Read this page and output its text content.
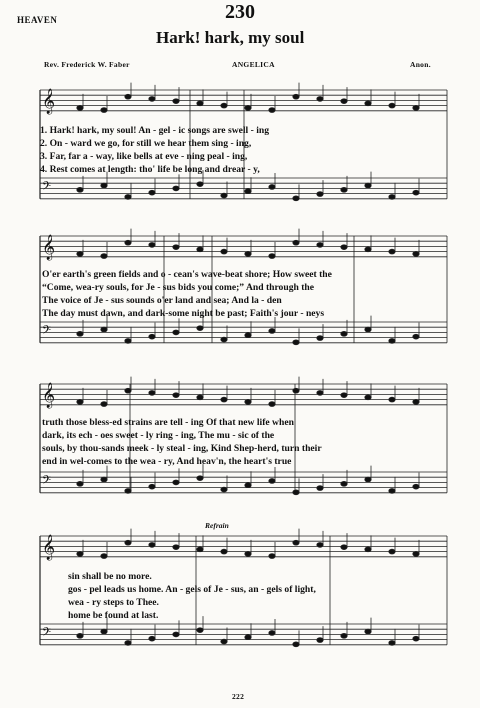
HEAVEN	230
Hark! hark, my soul
Rev. Frederick W. Faber	ANGELICA	Anon.
𝄞
𝄢
𝄞
𝄢
𝄞
𝄢
𝄞
𝄢
1. Hark! hark, my soul! An - gel - ic songs are swell - ing
2. On - ward we go, for still we hear them sing - ing,
3. Far, far a - way, like bells at eve - ning peal - ing,
4. Rest comes at length: tho' life be long and drear - y,
O'er earth's green fields and o - cean's wave-beat shore; How sweet the
“Come, wea-ry souls, for Je - sus bids you come;” And through the
The voice of Je - sus sounds o'er land and sea; And la - den
The day must dawn, and dark-some night be past; Faith's jour - neys
truth those bless-ed strains are tell - ing Of that new life when
dark, its ech - oes sweet - ly ring - ing, The mu - sic of the
souls, by thou-sands meek - ly steal - ing, Kind Shep-herd, turn their
end in wel-comes to the wea - ry, And heav'n, the heart's true
Refrain
sin shall be no more.
gos - pel leads us home. An - gels of Je - sus, an - gels of light,
wea - ry steps to Thee.
home be found at last.
222
